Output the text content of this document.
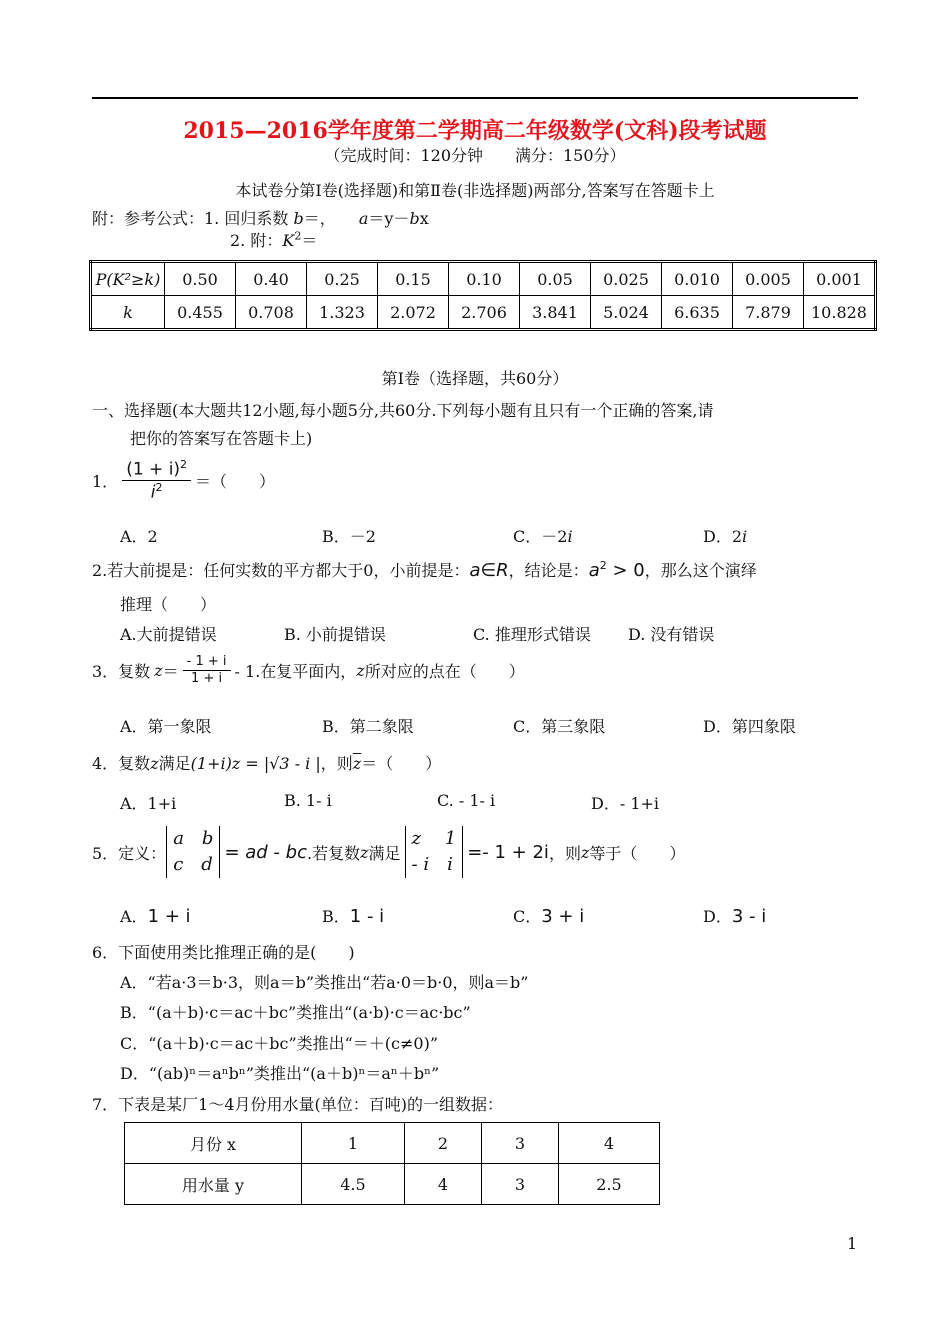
2015—2016学年度第二学期高二年级数学(文科)段考试题
（完成时间：120分钟　　满分：150分）
本试卷分第Ⅰ卷(选择题)和第Ⅱ卷(非选择题)两部分,答案写在答题卡上
附：参考公式：1. 回归系数 b＝， a＝y－bx
2. 附：$K^2=$
P(K²≥k)	0.50	0.40	0.25	0.15	0.10	0.05	0.025	0.010	0.005	0.001
k	0.455	0.708	1.323	2.072	2.706	3.841	5.024	6.635	7.879	10.828
第Ⅰ卷（选择题，共60分）
一、选择题(本大题共12小题,每小题5分,共60分.下列每小题有且只有一个正确的答案,请
把你的答案写在答题卡上)
1． $\frac{(1 + i)^2}{i^2}$ ＝（　　）
A．2	B．－2	C．－2i	D．2i
2.若大前提是：任何实数的平方都大于0，小前提是：a∈R，结论是：$a^2 > 0$，那么这个演绎
推理（　　）
A.大前提错误	B. 小前提错误	C. 推理形式错误 D. 没有错误
3．复数 $z = \frac{- 1 + i}{1 + i} - 1$.在复平面内， z 所对应的点在（　　）
A．第一象限	B．第二象限	C．第三象限	D．第四象限
4．复数z满足(1+i)z = |√3 - i |，则$\overline{z}=$（　　）
A．1+i	B. 1- i	C. - 1- i	D．- 1+i
5．定义：
a　b
c　d
= ad - bc .若复数 z 满足
z　 1
- i　i
=- 1 + 2i ，则 z 等于（　　）
A．1 + i	B．1 - i	C．3 + i	D．3 - i
6．下面使用类比推理正确的是(　　)
A．“若a·3＝b·3，则a＝b”类推出“若a·0＝b·0，则a＝b”
B．“(a＋b)·c＝ac＋bc”类推出“(a·b)·c＝ac·bc”
C．“(a＋b)·c＝ac＋bc”类推出“＝＋(c≠0)”
D．“(ab)ⁿ＝aⁿbⁿ”类推出“(a＋b)ⁿ＝aⁿ＋bⁿ”
7．下表是某厂1～4月份用水量(单位：百吨)的一组数据：
月份 x	1	2	3	4
用水量 y	4.5	4	3	2.5
1
